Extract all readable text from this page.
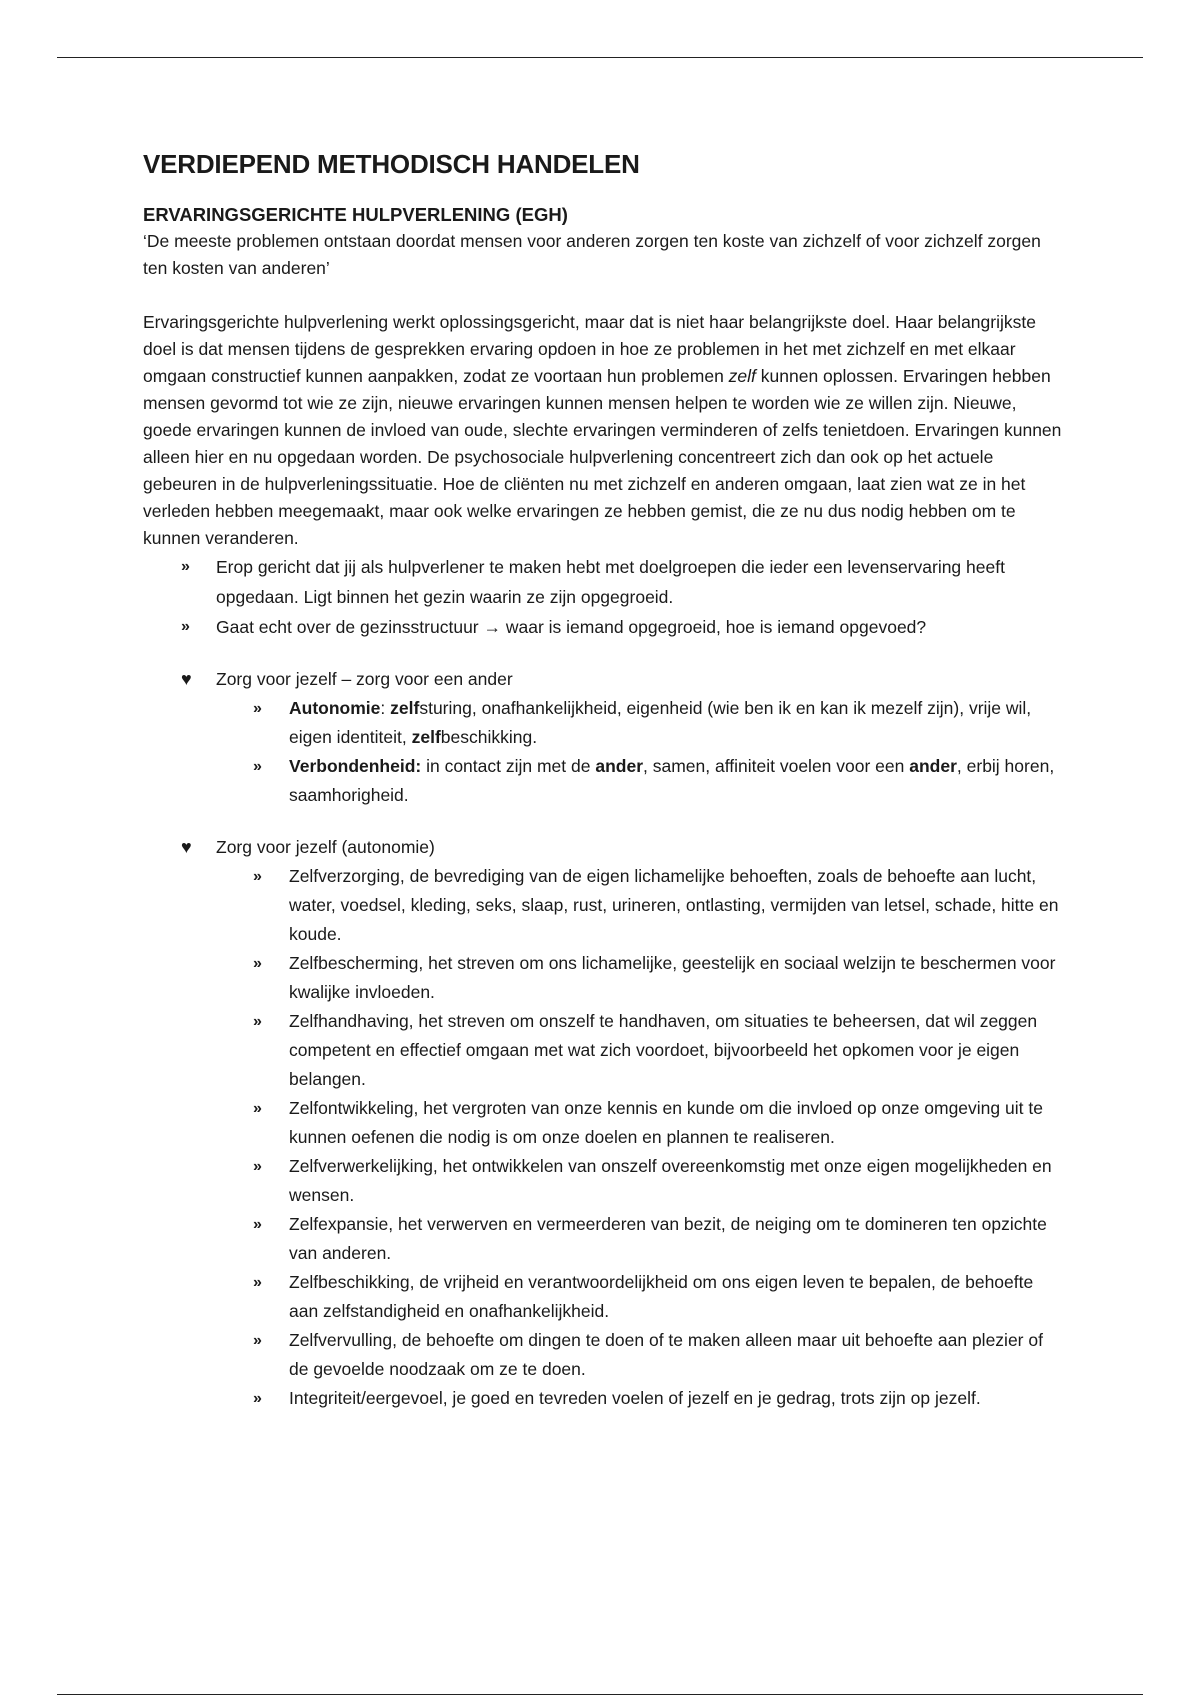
VERDIEPEND METHODISCH HANDELEN
ERVARINGSGERICHTE HULPVERLENING (EGH)

‘De meeste problemen ontstaan doordat mensen voor anderen zorgen ten koste van zichzelf of voor zichzelf zorgen ten kosten van anderen’

Ervaringsgerichte hulpverlening werkt oplossingsgericht, maar dat is niet haar belangrijkste doel. Haar belangrijkste doel is dat mensen tijdens de gesprekken ervaring opdoen in hoe ze problemen in het met zichzelf en met elkaar omgaan constructief kunnen aanpakken, zodat ze voortaan hun problemen zelf kunnen oplossen. Ervaringen hebben mensen gevormd tot wie ze zijn, nieuwe ervaringen kunnen mensen helpen te worden wie ze willen zijn. Nieuwe, goede ervaringen kunnen de invloed van oude, slechte ervaringen verminderen of zelfs tenietdoen. Ervaringen kunnen alleen hier en nu opgedaan worden. De psychosociale hulpverlening concentreert zich dan ook op het actuele gebeuren in de hulpverleningssituatie. Hoe de cliënten nu met zichzelf en anderen omgaan, laat zien wat ze in het verleden hebben meegemaakt, maar ook welke ervaringen ze hebben gemist, die ze nu dus nodig hebben om te kunnen veranderen.

» Erop gericht dat jij als hulpverlener te maken hebt met doelgroepen die ieder een levenservaring heeft opgedaan. Ligt binnen het gezin waarin ze zijn opgegroeid.
» Gaat echt over de gezinsstructuur → waar is iemand opgegroeid, hoe is iemand opgevoed?
♥ Zorg voor jezelf – zorg voor een ander
» Autonomie: zelfsturing, onafhankelijkheid, eigenheid (wie ben ik en kan ik mezelf zijn), vrije wil, eigen identiteit, zelfbeschikking.
» Verbondenheid: in contact zijn met de ander, samen, affiniteit voelen voor een ander, erbij horen, saamhorigheid.
♥ Zorg voor jezelf (autonomie)
» Zelfverzorging, de bevrediging van de eigen lichamelijke behoeften, zoals de behoefte aan lucht, water, voedsel, kleding, seks, slaap, rust, urineren, ontlasting, vermijden van letsel, schade, hitte en koude.
» Zelfbescherming, het streven om ons lichamelijke, geestelijk en sociaal welzijn te beschermen voor kwalijke invloeden.
» Zelfhandhaving, het streven om onszelf te handhaven, om situaties te beheersen, dat wil zeggen competent en effectief omgaan met wat zich voordoet, bijvoorbeeld het opkomen voor je eigen belangen.
» Zelfontwikkeling, het vergroten van onze kennis en kunde om die invloed op onze omgeving uit te kunnen oefenen die nodig is om onze doelen en plannen te realiseren.
» Zelfverwerkelijking, het ontwikkelen van onszelf overeenkomstig met onze eigen mogelijkheden en wensen.
» Zelfexpansie, het verwerven en vermeerderen van bezit, de neiging om te domineren ten opzichte van anderen.
» Zelfbeschikking, de vrijheid en verantwoordelijkheid om ons eigen leven te bepalen, de behoefte aan zelfstandigheid en onafhankelijkheid.
» Zelfvervulling, de behoefte om dingen te doen of te maken alleen maar uit behoefte aan plezier of de gevoelde noodzaak om ze te doen.
» Integriteit/eergevoel, je goed en tevreden voelen of jezelf en je gedrag, trots zijn op jezelf.
